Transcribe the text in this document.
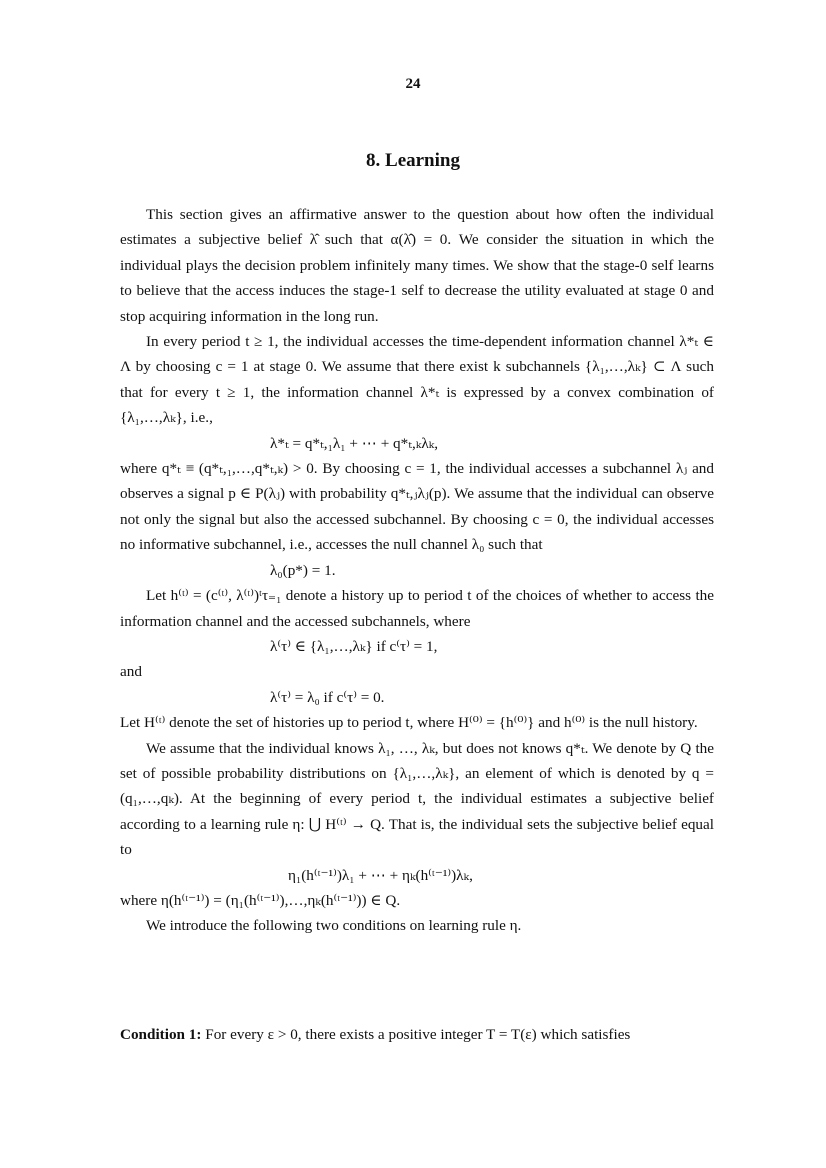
24
8. Learning

This section gives an affirmative answer to the question about how often the individual estimates a subjective belief λ̂ such that α(λ̂) = 0. We consider the situation in which the individual plays the decision problem infinitely many times. We show that the stage-0 self learns to believe that the access induces the stage-1 self to decrease the utility evaluated at stage 0 and stop acquiring information in the long run.

In every period t ≥ 1, the individual accesses the time-dependent information channel λ*ₜ ∈ Λ by choosing c = 1 at stage 0. We assume that there exist k subchannels {λ₁,…,λₖ} ⊂ Λ such that for every t ≥ 1, the information channel λ*ₜ is expressed by a convex combination of {λ₁,…,λₖ}, i.e.,

λ*ₜ = q*ₜ,₁λ₁ + ⋯ + q*ₜ,ₖλₖ,

where q*ₜ ≡ (q*ₜ,₁,…,q*ₜ,ₖ) > 0. By choosing c = 1, the individual accesses a subchannel λⱼ and observes a signal p ∈ P(λⱼ) with probability q*ₜ,ⱼλⱼ(p). We assume that the individual can observe not only the signal but also the accessed subchannel. By choosing c = 0, the individual accesses no informative subchannel, i.e., accesses the null channel λ₀ such that

λ₀(p*) = 1.

Let h⁽ᵗ⁾ = (c⁽ᵗ⁾, λ⁽ᵗ⁾)ᵗτ₌₁ denote a history up to period t of the choices of whether to access the information channel and the accessed subchannels, where

λ⁽τ⁾ ∈ {λ₁,…,λₖ} if c⁽τ⁾ = 1,

and

λ⁽τ⁾ = λ₀ if c⁽τ⁾ = 0.

Let H⁽ᵗ⁾ denote the set of histories up to period t, where H⁽⁰⁾ = {h⁽⁰⁾} and h⁽⁰⁾ is the null history.

We assume that the individual knows λ₁, …, λₖ, but does not knows q*ₜ. We denote by Q the set of possible probability distributions on {λ₁,…,λₖ}, an element of which is denoted by q = (q₁,…,qₖ). At the beginning of every period t, the individual estimates a subjective belief according to a learning rule η: ⋃ H⁽ᵗ⁾ → Q. That is, the individual sets the subjective belief equal to

η₁(h⁽ᵗ⁻¹⁾)λ₁ + ⋯ + ηₖ(h⁽ᵗ⁻¹⁾)λₖ,

where η(h⁽ᵗ⁻¹⁾) = (η₁(h⁽ᵗ⁻¹⁾),…,ηₖ(h⁽ᵗ⁻¹⁾)) ∈ Q.

We introduce the following two conditions on learning rule η.

Condition 1: For every ε > 0, there exists a positive integer T = T(ε) which satisfies
